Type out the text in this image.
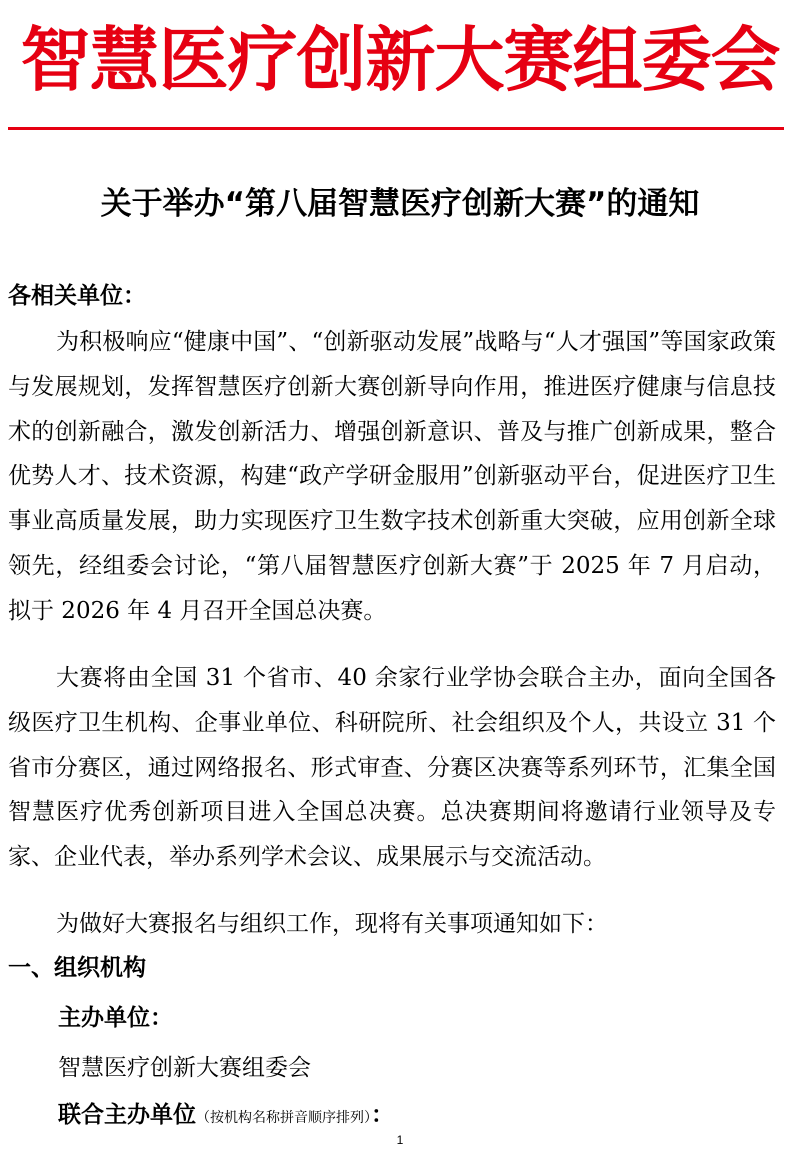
智慧医疗创新大赛组委会
关于举办“第八届智慧医疗创新大赛”的通知
各相关单位：

为积极响应“健康中国”、“创新驱动发展”战略与“人才强国”等国家政策与发展规划，发挥智慧医疗创新大赛创新导向作用，推进医疗健康与信息技术的创新融合，激发创新活力、增强创新意识、普及与推广创新成果，整合优势人才、技术资源，构建“政产学研金服用”创新驱动平台，促进医疗卫生事业高质量发展，助力实现医疗卫生数字技术创新重大突破，应用创新全球领先，经组委会讨论，“第八届智慧医疗创新大赛”于 2025 年 7 月启动，拟于 2026 年 4 月召开全国总决赛。

大赛将由全国 31 个省市、40 余家行业学协会联合主办，面向全国各级医疗卫生机构、企事业单位、科研院所、社会组织及个人，共设立 31 个省市分赛区，通过网络报名、形式审查、分赛区决赛等系列环节，汇集全国智慧医疗优秀创新项目进入全国总决赛。总决赛期间将邀请行业领导及专家、企业代表，举办系列学术会议、成果展示与交流活动。

为做好大赛报名与组织工作，现将有关事项通知如下：

一、组织机构
主办单位：
智慧医疗创新大赛组委会
联合主办单位（按机构名称拼音顺序排列）：
1
